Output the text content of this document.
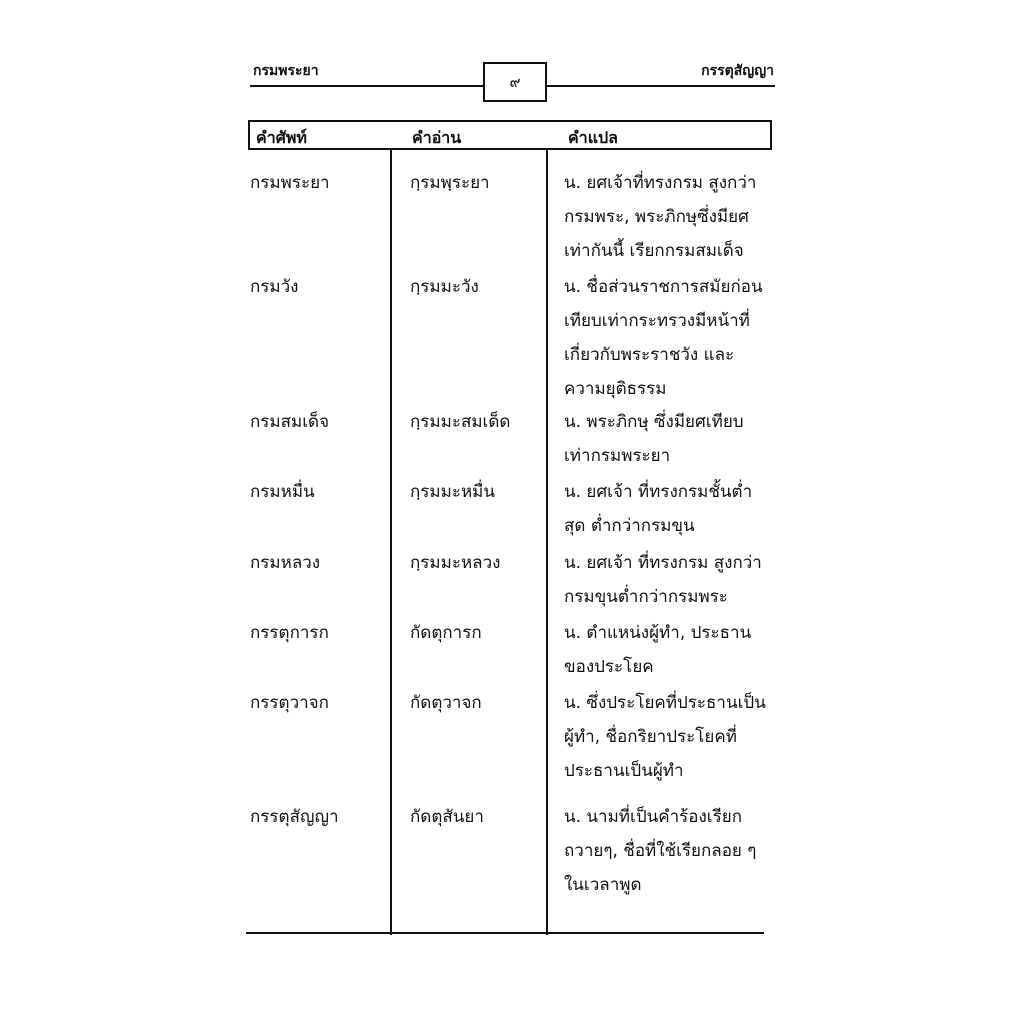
กรมพระยา
๙
กรรตุสัญญา
คำศัพท์	คำอ่าน	คำแปล
กรมพระยา	กฺรมพฺระยา	น. ยศเจ้าที่ทรงกรม สูงกว่า
กรมพระ, พระภิกษุซึ่งมียศ
เท่ากันนี้ เรียกกรมสมเด็จ
กรมวัง	กฺรมมะวัง	น. ชื่อส่วนราชการสมัยก่อน
เทียบเท่ากระทรวงมีหน้าที่
เกี่ยวกับพระราชวัง และ
ความยุติธรรม
กรมสมเด็จ	กฺรมมะสมเด็ด	น. พระภิกษุ ซึ่งมียศเทียบ
เท่ากรมพระยา
กรมหมื่น	กฺรมมะหมื่น	น. ยศเจ้า ที่ทรงกรมชั้นต่ำ
สุด ต่ำกว่ากรมขุน
กรมหลวง	กฺรมมะหลวง	น. ยศเจ้า ที่ทรงกรม สูงกว่า
กรมขุนต่ำกว่ากรมพระ
กรรตุการก	กัดตุการก	น. ตำแหน่งผู้ทำ, ประธาน
ของประโยค
กรรตุวาจก	กัดตุวาจก	น. ซึ่งประโยคที่ประธานเป็น
ผู้ทำ, ชื่อกริยาประโยคที่
ประธานเป็นผู้ทำ
กรรตุสัญญา	กัดตุสันยา	น. นามที่เป็นคำร้องเรียก
ถวายๆ, ชื่อที่ใช้เรียกลอย ๆ
ในเวลาพูด
